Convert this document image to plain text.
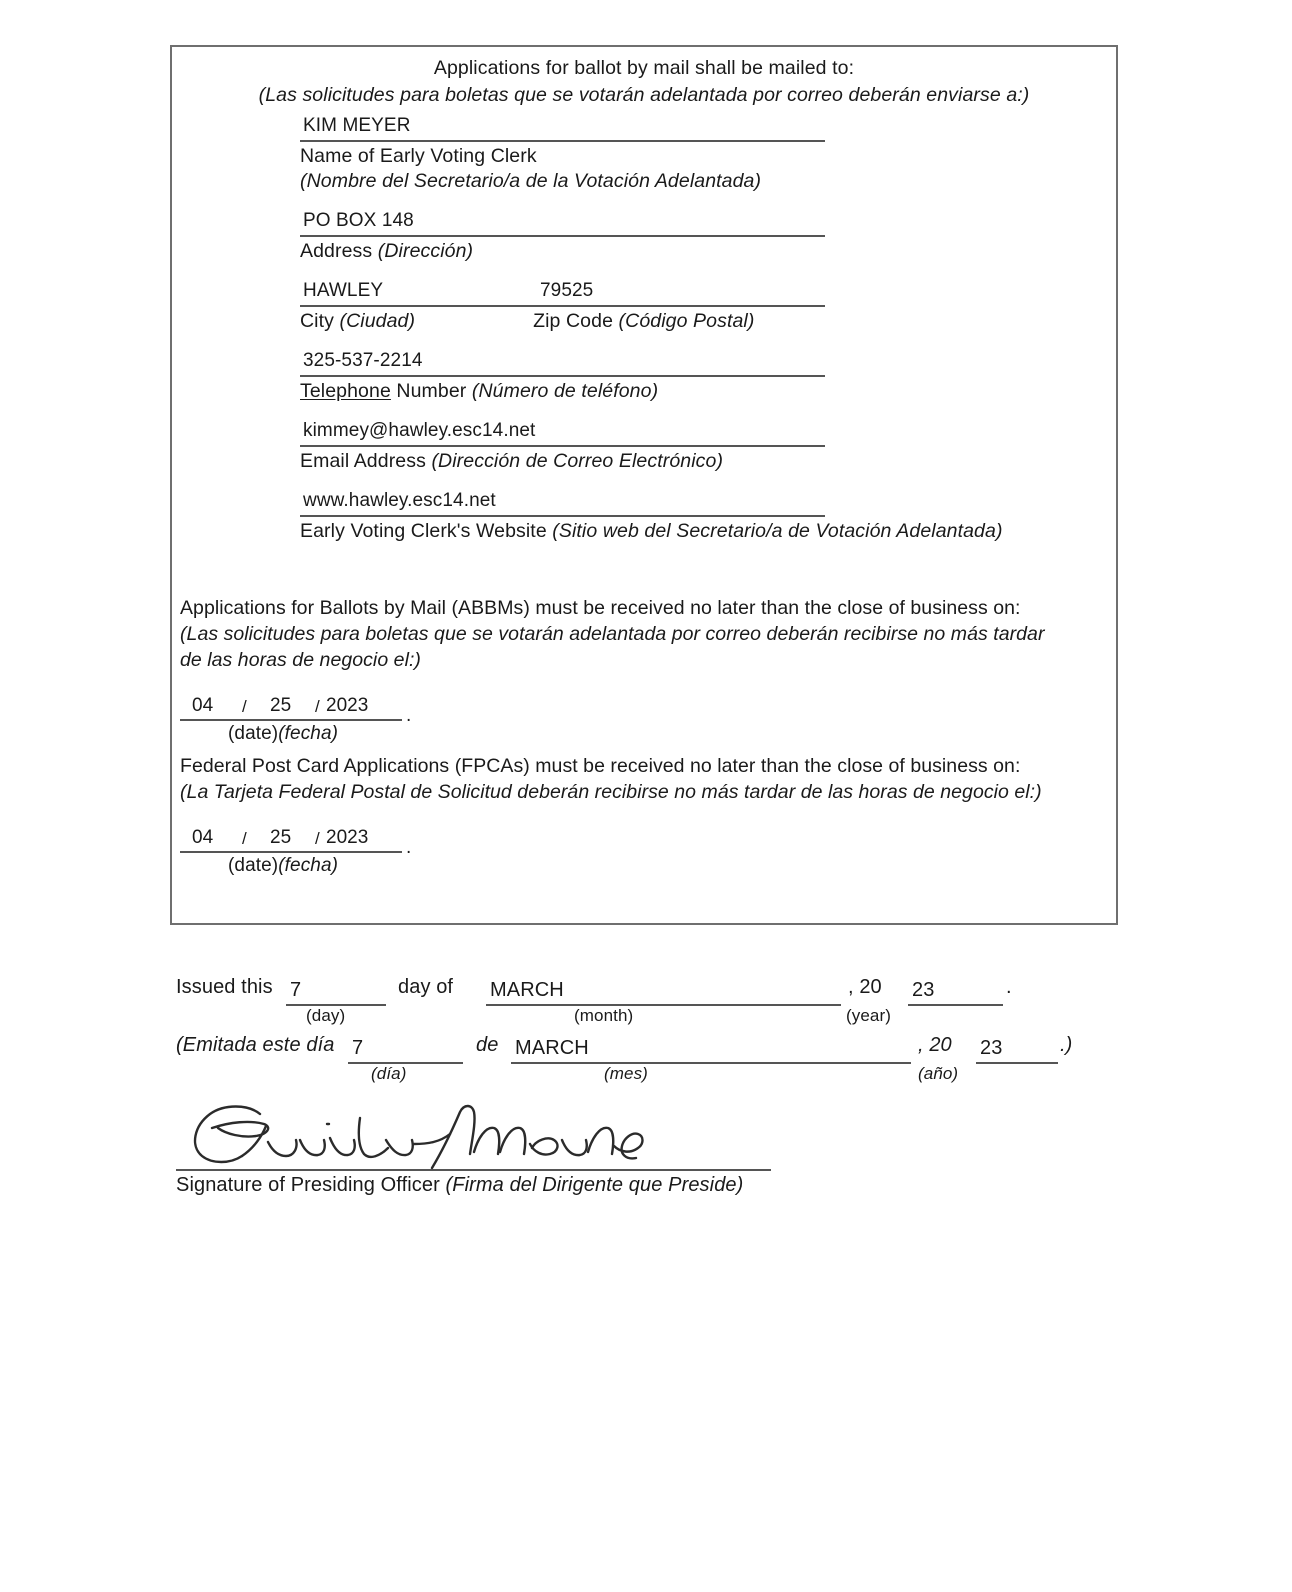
Applications for ballot by mail shall be mailed to:
(Las solicitudes para boletas que se votarán adelantada por correo deberán enviarse a:)
KIM MEYER
Name of Early Voting Clerk
(Nombre del Secretario/a de la Votación Adelantada)
PO BOX 148
Address (Dirección)
HAWLEY	79525
City (Ciudad)	Zip Code (Código Postal)
325-537-2214
Telephone Number (Número de teléfono)
kimmey@hawley.esc14.net
Email Address (Dirección de Correo Electrónico)
www.hawley.esc14.net
Early Voting Clerk's Website (Sitio web del Secretario/a de Votación Adelantada)
Applications for Ballots by Mail (ABBMs) must be received no later than the close of business on:
(Las solicitudes para boletas que se votarán adelantada por correo deberán recibirse no más tardar
de las horas de negocio el:)
04 / 25 / 2023 .
(date)(fecha)
Federal Post Card Applications (FPCAs) must be received no later than the close of business on:
(La Tarjeta Federal Postal de Solicitud deberán recibirse no más tardar de las horas de negocio el:)
04 / 25 / 2023 .
(date)(fecha)
Issued this 7
(day)
day of MARCH
(month)
, 20 23
(year)
.
(Emitada este día 7
(día)
de MARCH
(mes)
, 20 23
(año)
.)
Signature of Presiding Officer (Firma del Dirigente que Preside)
